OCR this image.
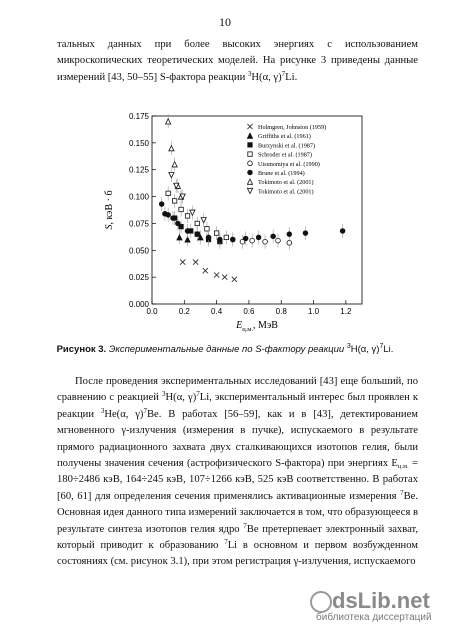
10
тальных данных при более высоких энергиях с использованием микроскопических теоретических моделей. На рисунке 3 приведены данные измерений [43, 50–55] S-фактора реакции $^3$H(α, γ)$^7$Li.
0.0	0.2	0.4	0.6	0.8	1.0	1.2
0.000
0.025
0.050
0.075
0.100
0.125
0.150
0.175
Holmgren, Johnston (1959)
Griffiths et al. (1961)
Burzynski et al. (1987)
Schroder et al. (1987)
Utsunomiya et al. (1990)
Brune et al. (1994)
Tokimoto et al. (2001)
Tokimoto et al. (2001)
S, кэВ · б
$E_{ц.м.}$, МэВ
Рисунок 3. Экспериментальные данные по S-фактору реакции $^3$H(α, γ)$^7$Li.
После проведения экспериментальных исследований [43] еще больший, по сравнению с реакцией $^3$H(α, γ)$^7$Li, экспериментальный интерес был проявлен к реакции $^3$He(α, γ)$^7$Be. В работах [56–59], как и в [43], детектированием мгновенного γ-излучения (измерения в пучке), испускаемого в результате прямого радиационного захвата двух сталкивающихся изотопов гелия, были получены значения сечения (астрофизического S-фактора) при энергиях $E_{ц.м.} = 180\div 2486$ кэВ, 164÷245 кэВ, 107÷1266 кэВ, 525 кэВ соответственно. В работах [60, 61] для определения сечения применялись активационные измерения $^7$Be. Основная идея данного типа измерений заключается в том, что образующееся в результате синтеза изотопов гелия ядро $^7$Be претерпевает электронный захват, который приводит к образованию $^7$Li в основном и первом возбужденном состояниях (см. рисунок 3.1), при этом регистрация γ-излучения, испускаемого
dsLib.net
библиотека диссертаций
